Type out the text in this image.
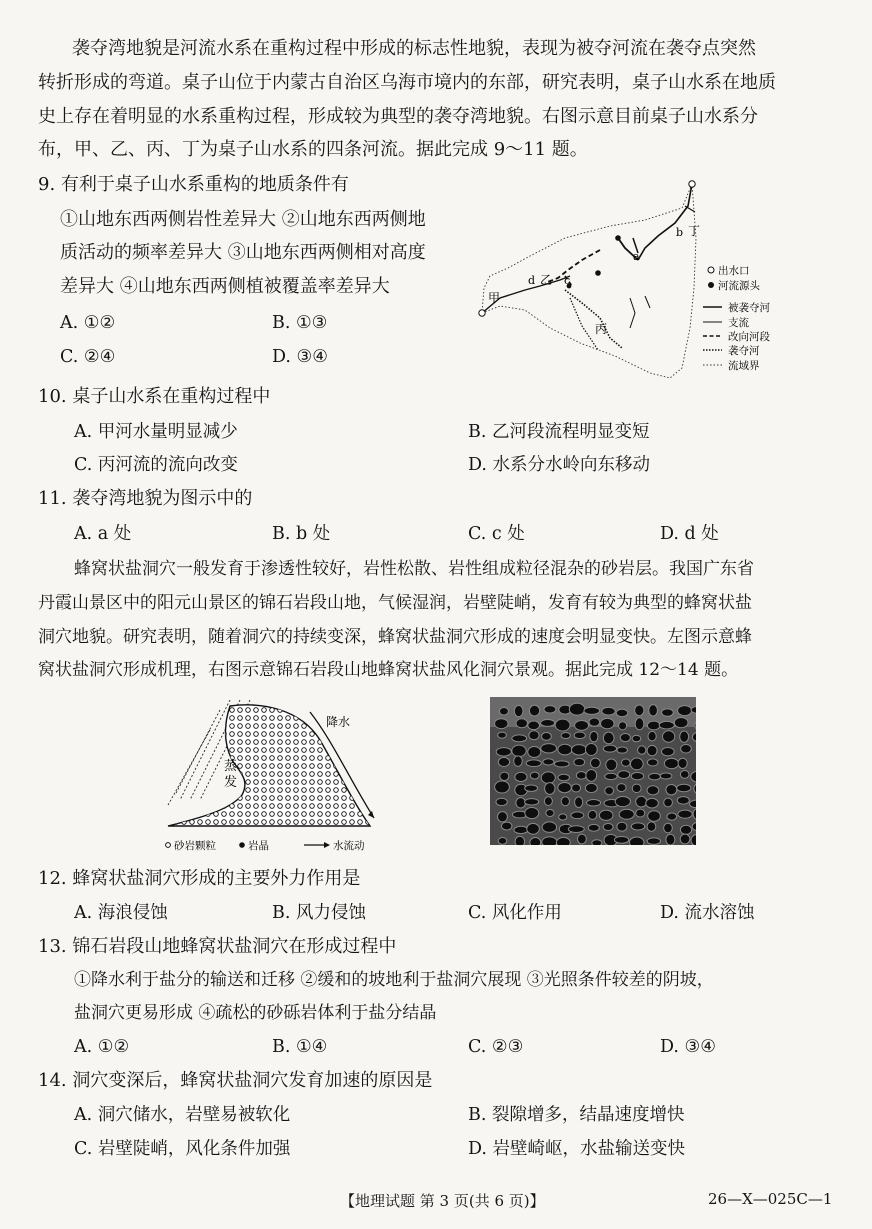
袭夺湾地貌是河流水系在重构过程中形成的标志性地貌，表现为被夺河流在袭夺点突然
转折形成的弯道。桌子山位于内蒙古自治区乌海市境内的东部，研究表明，桌子山水系在地质
史上存在着明显的水系重构过程，形成较为典型的袭夺湾地貌。右图示意目前桌子山水系分
布，甲、乙、丙、丁为桌子山水系的四条河流。据此完成 9～11 题。
9. 有利于桌子山水系重构的地质条件有
①山地东西两侧岩性差异大 ②山地东西两侧地
质活动的频率差异大 ③山地东西两侧相对高度
差异大 ④山地东西两侧植被覆盖率差异大
A. ①②	B. ①③
C. ②④	D. ③④
丁
b
a
乙 c
d
甲
丙
出水口
河流源头
被袭夺河
支流
改向河段
袭夺河
流域界
10. 桌子山水系在重构过程中
A. 甲河水量明显减少	B. 乙河段流程明显变短
C. 丙河流的流向改变	D. 水系分水岭向东移动
11. 袭夺湾地貌为图示中的
A. a 处	B. b 处	C. c 处	D. d 处
蜂窝状盐洞穴一般发育于渗透性较好，岩性松散、岩性组成粒径混杂的砂岩层。我国广东省
丹霞山景区中的阳元山景区的锦石岩段山地，气候湿润，岩壁陡峭，发育有较为典型的蜂窝状盐
洞穴地貌。研究表明，随着洞穴的持续变深，蜂窝状盐洞穴形成的速度会明显变快。左图示意蜂
窝状盐洞穴形成机理，右图示意锦石岩段山地蜂窝状盐风化洞穴景观。据此完成 12～14 题。
降水
蒸
发
砂岩颗粒	岩晶	水流动
12. 蜂窝状盐洞穴形成的主要外力作用是
A. 海浪侵蚀	B. 风力侵蚀	C. 风化作用	D. 流水溶蚀
13. 锦石岩段山地蜂窝状盐洞穴在形成过程中
①降水利于盐分的输送和迁移 ②缓和的坡地利于盐洞穴展现 ③光照条件较差的阴坡，
盐洞穴更易形成 ④疏松的砂砾岩体利于盐分结晶
A. ①②	B. ①④	C. ②③	D. ③④
14. 洞穴变深后，蜂窝状盐洞穴发育加速的原因是
A. 洞穴储水，岩壁易被软化	B. 裂隙增多，结晶速度增快
C. 岩壁陡峭，风化条件加强	D. 岩壁崎岖，水盐输送变快
【地理试题 第 3 页(共 6 页)】	26—X—025C—1
